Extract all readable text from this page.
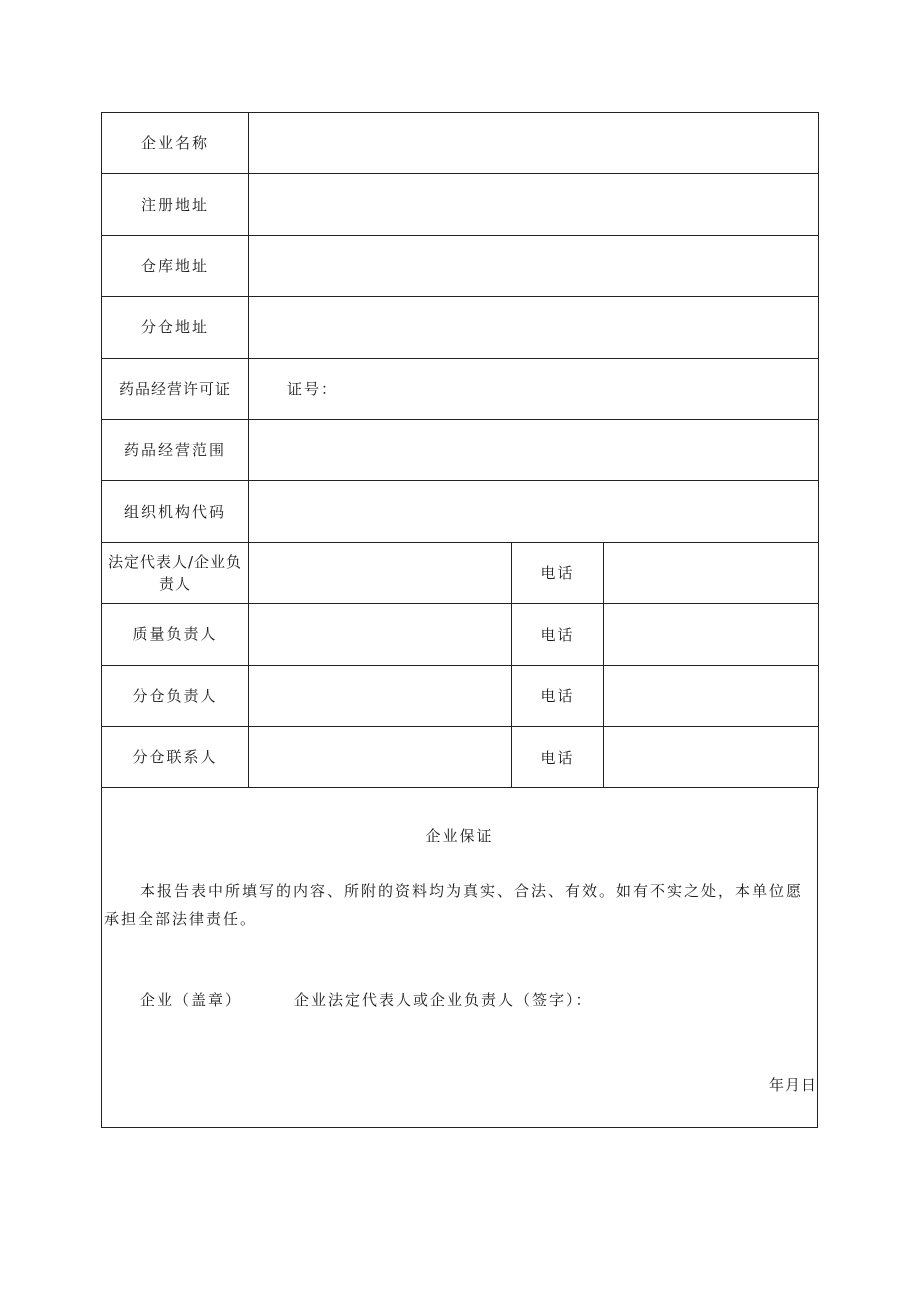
企业名称			
注册地址			
仓库地址			
分仓地址			
药品经营许可证	证号：		
药品经营范围			
组织机构代码			
法定代表人/企业负责人		电话	
质量负责人		电话	
分仓负责人		电话	
分仓联系人		电话	
企业保证
本报告表中所填写的内容、所附的资料均为真实、合法、有效。如有不实之处，本单位愿承担全部法律责任。
企业（盖章）	企业法定代表人或企业负责人（签字）：
年月日
